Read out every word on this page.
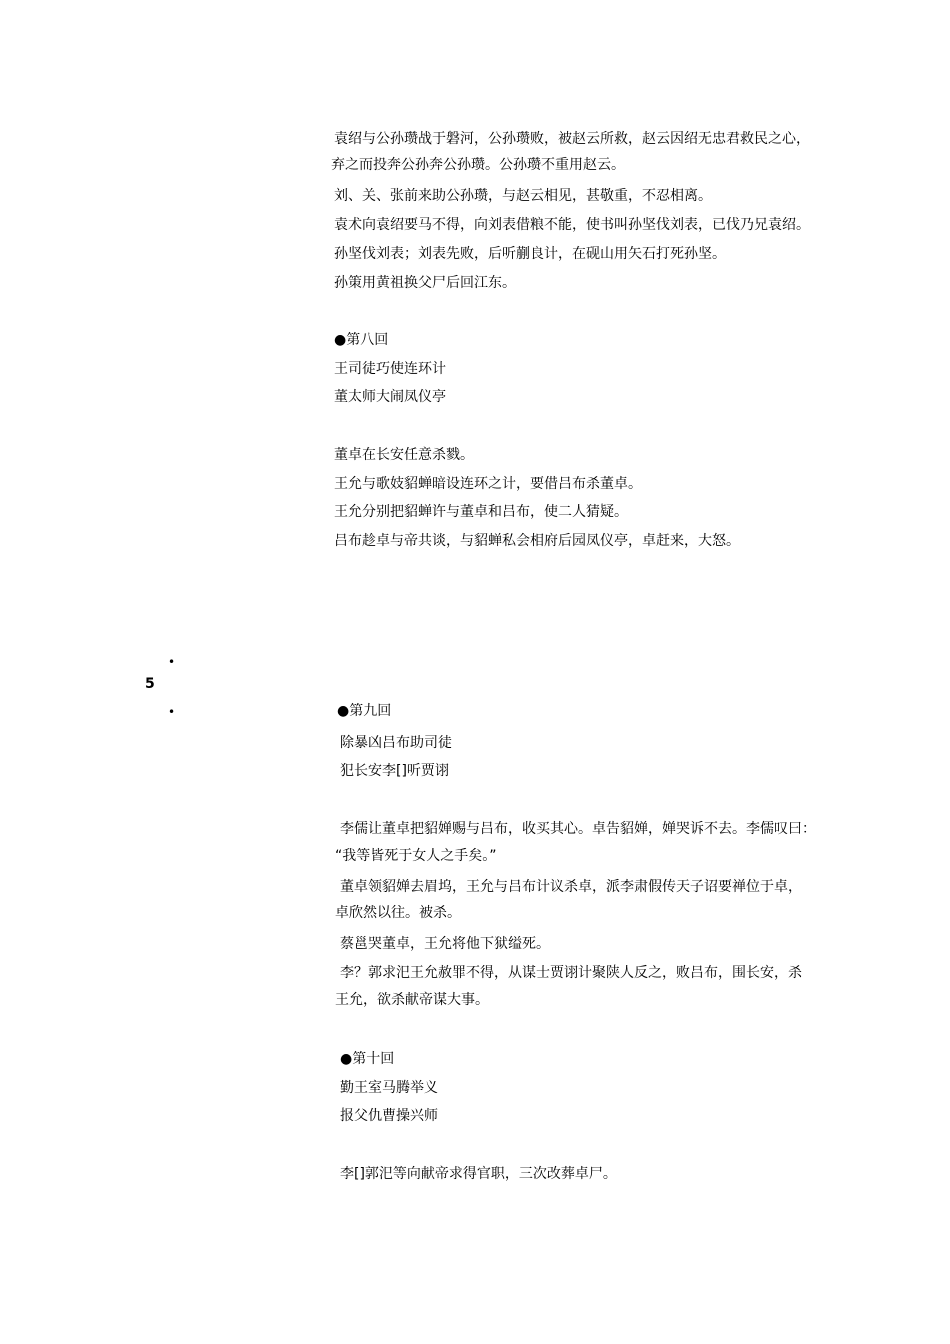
袁绍与公孙瓒战于磐河，公孙瓒败，被赵云所救，赵云因绍无忠君救民之心，
弃之而投奔公孙奔公孙瓒。公孙瓒不重用赵云。
刘、关、张前来助公孙瓒，与赵云相见，甚敬重，不忍相离。
袁术向袁绍要马不得，向刘表借粮不能，使书叫孙坚伐刘表，已伐乃兄袁绍。
孙坚伐刘表；刘表先败，后听蒯良计，在砚山用矢石打死孙坚。
孙策用黄祖换父尸后回江东。
●第八回
王司徒巧使连环计
董太师大闹凤仪亭
董卓在长安任意杀戮。
王允与歌妓貂蝉暗设连环之计，要借吕布杀董卓。
王允分别把貂蝉许与董卓和吕布，使二人猜疑。
吕布趁卓与帝共谈，与貂蝉私会相府后园凤仪亭，卓赶来，大怒。
•
5
•	●第九回
除暴凶吕布助司徒
犯长安李[]听贾诩
李儒让董卓把貂婵赐与吕布，收买其心。卓告貂婵，婵哭诉不去。李儒叹曰：
“我等皆死于女人之手矣。”
董卓领貂婵去眉坞，王允与吕布计议杀卓，派李肃假传天子诏要禅位于卓，
卓欣然以往。被杀。
蔡邕哭董卓，王允将他下狱缢死。
李？郭求汜王允赦罪不得，从谋士贾诩计聚陕人反之，败吕布，围长安，杀
王允，欲杀献帝谋大事。
●第十回
勤王室马腾举义
报父仇曹操兴师
李[]郭汜等向献帝求得官职，三次改葬卓尸。
